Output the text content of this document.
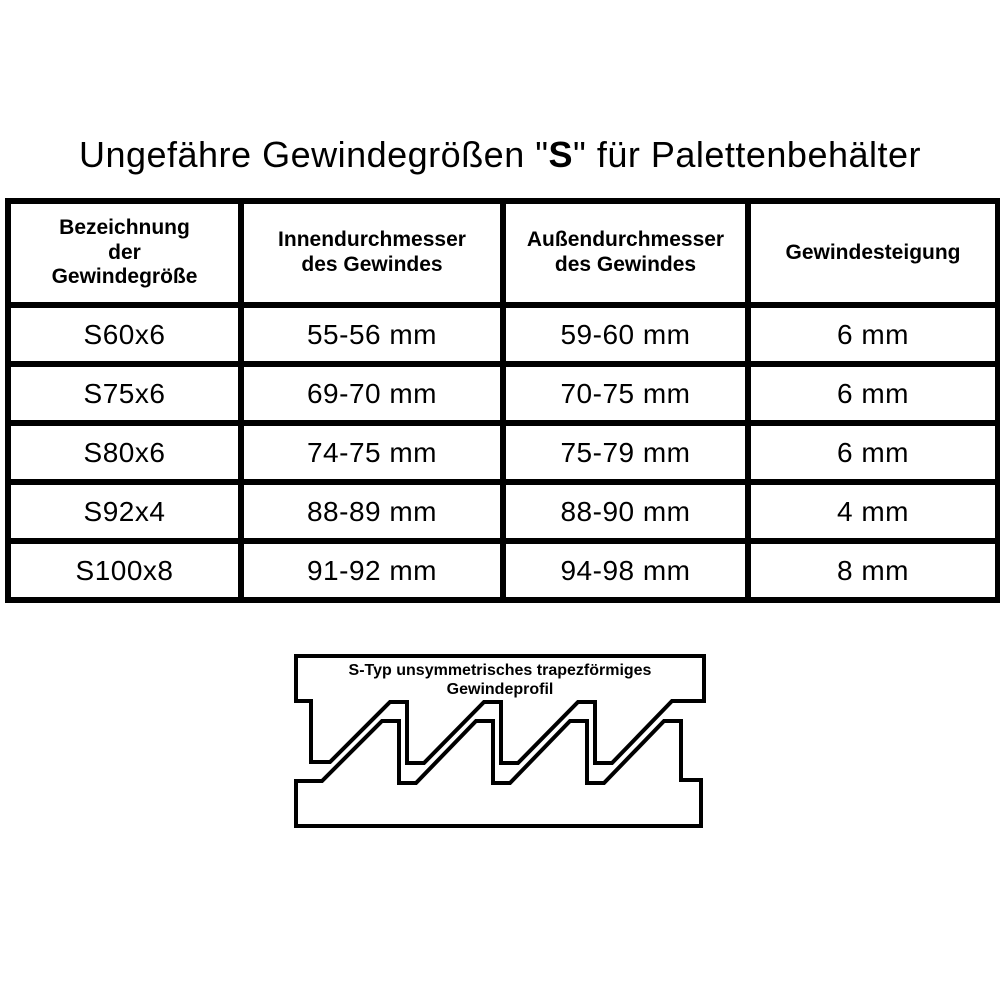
Ungefähre Gewindegrößen "S" für Palettenbehälter
Bezeichnung
der
Gewindegröße

Innendurchmesser
des Gewindes

Außendurchmesser
des Gewindes

Gewindesteigung

S60x6	55-56 mm	59-60 mm	6 mm
S75x6	69-70 mm	70-75 mm	6 mm
S80x6	74-75 mm	75-79 mm	6 mm
S92x4	88-89 mm	88-90 mm	4 mm
S100x8	91-92 mm	94-98 mm	8 mm
S-Typ unsymmetrisches trapezförmiges
Gewindeprofil
